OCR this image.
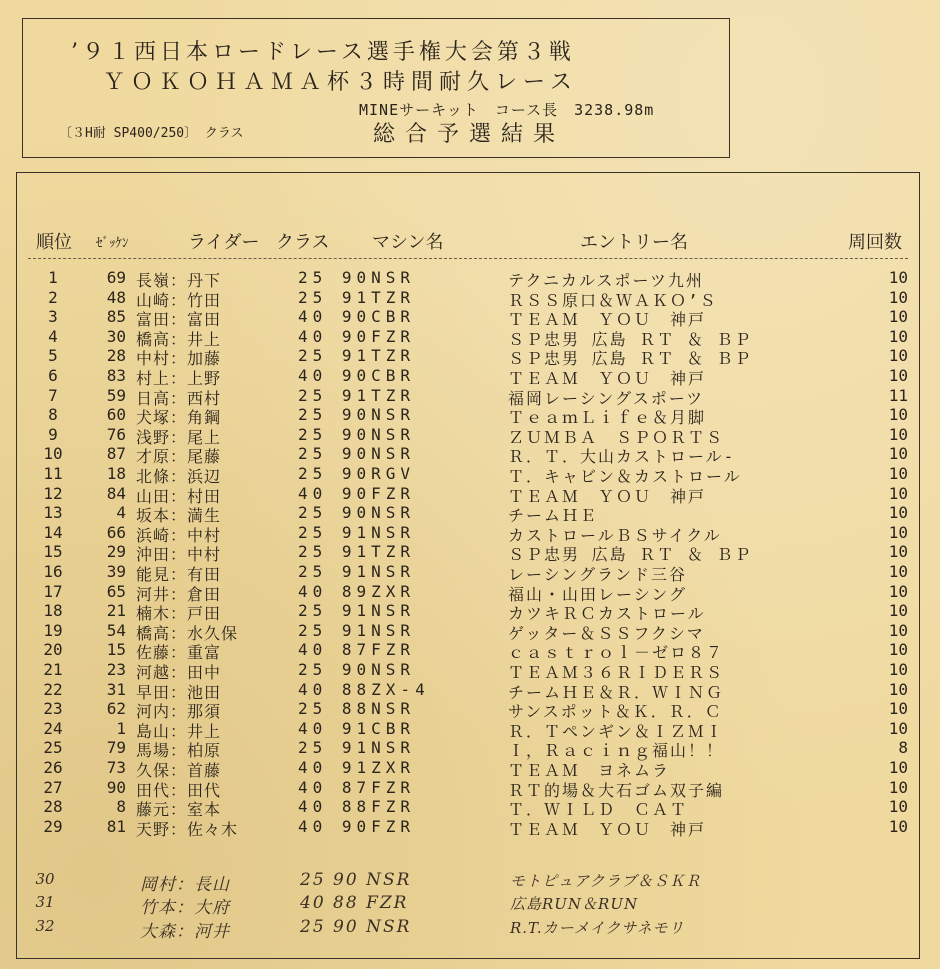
’９１西日本ロードレース選手権大会第３戦
ＹＯＫＯＨＡＭＡ杯３時間耐久レース
MINEサーキット　コース長　3238.98m
〔３H耐 SP400/250〕 クラス	総合予選結果
順位 ｾﾞｯｹﾝ	ライダー クラス マシン名	エントリー名	周回数
1	69 長嶺：丹下	25 90NSR	テクニカルスポーツ九州	10
2	48 山崎：竹田	25 91TZR	ＲＳＳ原口＆ＷＡＫＯ’Ｓ	10
3	85 富田：富田	40 90CBR	ＴＥＡＭ　ＹＯＵ　神戸	10
4	30 橋高：井上	40 90FZR	ＳＰ忠男 広島 ＲＴ ＆ ＢＰ	10
5	28 中村：加藤	25 91TZR	ＳＰ忠男 広島 ＲＴ ＆ ＢＰ	10
6	83 村上：上野	40 90CBR	ＴＥＡＭ　ＹＯＵ　神戸	10
7	59 日高：西村	25 91TZR	福岡レーシングスポーツ	11
8	60 犬塚：角鋼	25 90NSR	ＴｅａｍＬｉｆｅ＆月脚	10
9	76 浅野：尾上	25 90NSR	ＺＵＭＢＡ　ＳＰＯＲＴＳ	10
10	87 才原：尾藤	25 90NSR	Ｒ．Ｔ．大山カストロール-	10
11	18 北條：浜辺	25 90RGV	Ｔ．キャビン＆カストロール	10
12	84 山田：村田	40 90FZR	ＴＥＡＭ　ＹＯＵ　神戸	10
13	4 坂本：満生	25 90NSR	チームＨＥ	10
14	66 浜崎：中村	25 91NSR	カストロールＢＳサイクル	10
15	29 沖田：中村	25 91TZR	ＳＰ忠男 広島 ＲＴ ＆ ＢＰ	10
16	39 能見：有田	25 91NSR	レーシングランド三谷	10
17	65 河井：倉田	40 89ZXR	福山・山田レーシング	10
18	21 楠木：戸田	25 91NSR	カツキＲＣカストロール	10
19	54 橋高：水久保	25 91NSR	ゲッター＆ＳＳフクシマ	10
20	15 佐藤：重富	40 87FZR	ｃａｓｔｒｏｌ－ゼロ８７	10
21	23 河越：田中	25 90NSR	ＴＥＡＭ３６ＲＩＤＥＲＳ	10
22	31 早田：池田	40 88ZX-4	チームＨＥ＆Ｒ．ＷＩＮＧ	10
23	62 河内：那須	25 88NSR	サンスポット＆Ｋ．Ｒ．Ｃ	10
24	1 島山：井上	40 91CBR	Ｒ．Ｔペンギン＆ＩＺＭＩ	10
25	79 馬場：柏原	25 91NSR	Ｉ，Ｒａｃｉｎｇ福山！！	8
26	73 久保：首藤	40 91ZXR	ＴＥＡＭ　ヨネムラ	10
27	90 田代：田代	40 87FZR	ＲＴ的場＆大石ゴム双子編	10
28	8 藤元：室本	40 88FZR	Ｔ．ＷＩＬＤ　ＣＡＴ	10
29	81 天野：佐々木	40 90FZR	ＴＥＡＭ　ＹＯＵ　神戸	10
30	岡村：長山	25 90 NSR	モトピュアクラブ＆ＳＫＲ
31	竹本：大府	40 88 FZR	広島RUN＆RUN
32	大森：河井	25 90 NSR	R.T.カーメイクサネモリ
